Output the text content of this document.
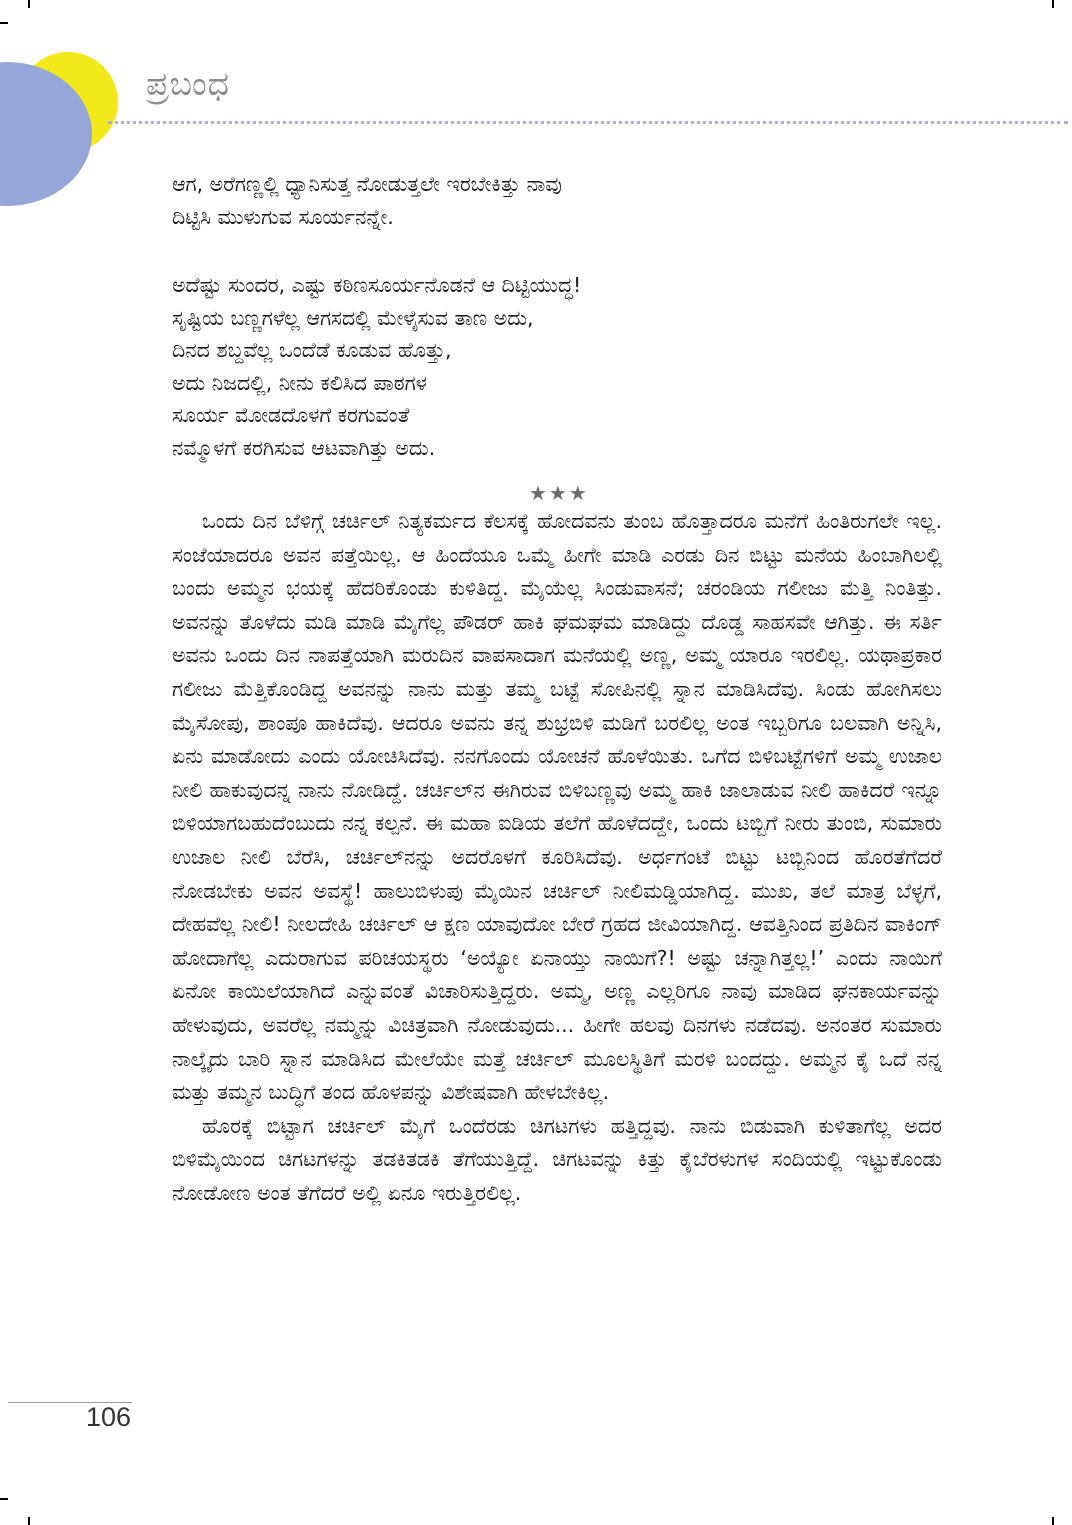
ಪ್ರಬಂಧ

ಆಗ, ಅರೆಗಣ್ಣಲ್ಲಿ ಧ್ಯಾನಿಸುತ್ತ ನೋಡುತ್ತಲೇ ಇರಬೇಕಿತ್ತು ನಾವು

ದಿಟ್ಟಿಸಿ ಮುಳುಗುವ ಸೂರ್ಯನನ್ನೇ.

ಅದೆಷ್ಟು ಸುಂದರ, ಎಷ್ಟು ಕಠಿಣಸೂರ್ಯನೊಡನೆ ಆ ದಿಟ್ಟಿಯುದ್ಧ!

ಸೃಷ್ಟಿಯ ಬಣ್ಣಗಳೆಲ್ಲ ಆಗಸದಲ್ಲಿ ಮೇಳೈಸುವ ತಾಣ ಅದು,

ದಿನದ ಶಬ್ದವೆಲ್ಲ ಒಂದೆಡೆ ಕೂಡುವ ಹೊತ್ತು,

ಅದು ನಿಜದಲ್ಲಿ, ನೀನು ಕಲಿಸಿದ ಪಾಠಗಳ

ಸೂರ್ಯ ಮೋಡದೊಳಗೆ ಕರಗುವಂತೆ

ನಮ್ಮೊಳಗೆ ಕರಗಿಸುವ ಆಟವಾಗಿತ್ತು ಅದು.

★★★

ಒಂದು ದಿನ ಬೆಳಿಗ್ಗೆ ಚರ್ಚಿಲ್ ನಿತ್ಯಕರ್ಮದ ಕೆಲಸಕ್ಕೆ ಹೋದವನು ತುಂಬ ಹೊತ್ತಾದರೂ ಮನೆಗೆ ಹಿಂತಿರುಗಲೇ ಇಲ್ಲ. ಸಂಜೆಯಾದರೂ ಅವನ ಪತ್ತೆಯಿಲ್ಲ. ಆ ಹಿಂದೆಯೂ ಒಮ್ಮೆ ಹೀಗೇ ಮಾಡಿ ಎರಡು ದಿನ ಬಿಟ್ಟು ಮನೆಯ ಹಿಂಬಾಗಿಲಲ್ಲಿ ಬಂದು ಅಮ್ಮನ ಭಯಕ್ಕೆ ಹೆದರಿಕೊಂಡು ಕುಳಿತಿದ್ದ. ಮೈಯೆಲ್ಲ ಸಿಂಡುವಾಸನೆ; ಚರಂಡಿಯ ಗಲೀಜು ಮೆತ್ತಿ ನಿಂತಿತ್ತು. ಅವನನ್ನು ತೊಳೆದು ಮಡಿ ಮಾಡಿ ಮೈಗೆಲ್ಲ ಪೌಡರ್ ಹಾಕಿ ಘಮಘಮ ಮಾಡಿದ್ದು ದೊಡ್ಡ ಸಾಹಸವೇ ಆಗಿತ್ತು. ಈ ಸರ್ತಿ ಅವನು ಒಂದು ದಿನ ನಾಪತ್ತೆಯಾಗಿ ಮರುದಿನ ವಾಪಸಾದಾಗ ಮನೆಯಲ್ಲಿ ಅಣ್ಣ, ಅಮ್ಮ ಯಾರೂ ಇರಲಿಲ್ಲ. ಯಥಾಪ್ರಕಾರ ಗಲೀಜು ಮೆತ್ತಿಕೊಂಡಿದ್ದ ಅವನನ್ನು ನಾನು ಮತ್ತು ತಮ್ಮ ಬಟ್ಟೆ ಸೋಪಿನಲ್ಲಿ ಸ್ನಾನ ಮಾಡಿಸಿದೆವು. ಸಿಂಡು ಹೋಗಿಸಲು ಮೈಸೋಪು, ಶಾಂಪೂ ಹಾಕಿದೆವು. ಆದರೂ ಅವನು ತನ್ನ ಶುಭ್ರಬಿಳಿ ಮಡಿಗೆ ಬರಲಿಲ್ಲ ಅಂತ ಇಬ್ಬರಿಗೂ ಬಲವಾಗಿ ಅನ್ನಿಸಿ, ಏನು ಮಾಡೋದು ಎಂದು ಯೋಚಿಸಿದೆವು. ನನಗೊಂದು ಯೋಚನೆ ಹೊಳೆಯಿತು. ಒಗೆದ ಬಿಳಿಬಟ್ಟೆಗಳಿಗೆ ಅಮ್ಮ ಉಜಾಲ ನೀಲಿ ಹಾಕುವುದನ್ನ ನಾನು ನೋಡಿದ್ದೆ. ಚರ್ಚಿಲ್‌ನ ಈಗಿರುವ ಬಿಳಿಬಣ್ಣವು ಅಮ್ಮ ಹಾಕಿ ಜಾಲಾಡುವ ನೀಲಿ ಹಾಕಿದರೆ ಇನ್ನೂ ಬಿಳಿಯಾಗಬಹುದೆಂಬುದು ನನ್ನ ಕಲ್ಪನೆ. ಈ ಮಹಾ ಐಡಿಯ ತಲೆಗೆ ಹೊಳೆದದ್ದೇ, ಒಂದು ಟಬ್ಬಿಗೆ ನೀರು ತುಂಬಿ, ಸುಮಾರು ಉಜಾಲ ನೀಲಿ ಬೆರೆಸಿ, ಚರ್ಚಿಲ್‌ನನ್ನು ಅದರೊಳಗೆ ಕೂರಿಸಿದೆವು. ಅರ್ಧಗಂಟೆ ಬಿಟ್ಟು ಟಬ್ಬಿನಿಂದ ಹೊರತೆಗೆದರೆ ನೋಡಬೇಕು ಅವನ ಅವಸ್ಥೆ! ಹಾಲುಬಿಳುಪು ಮೈಯಿನ ಚರ್ಚಿಲ್ ನೀಲಿಮಡ್ಡಿಯಾಗಿದ್ದ. ಮುಖ, ತಲೆ ಮಾತ್ರ ಬೆಳ್ಳಗೆ, ದೇಹವೆಲ್ಲ ನೀಲಿ! ನೀಲದೇಹಿ ಚರ್ಚಿಲ್ ಆ ಕ್ಷಣ ಯಾವುದೋ ಬೇರೆ ಗ್ರಹದ ಜೀವಿಯಾಗಿದ್ದ. ಆವತ್ತಿನಿಂದ ಪ್ರತಿದಿನ ವಾಕಿಂಗ್ ಹೋದಾಗೆಲ್ಲ ಎದುರಾಗುವ ಪರಿಚಯಸ್ಥರು ‘ಅಯ್ಯೋ ಏನಾಯ್ತು ನಾಯಿಗೆ?! ಅಷ್ಟು ಚನ್ನಾಗಿತ್ತಲ್ಲ!’ ಎಂದು ನಾಯಿಗೆ ಏನೋ ಕಾಯಿಲೆಯಾಗಿದೆ ಎನ್ನುವಂತೆ ವಿಚಾರಿಸುತ್ತಿದ್ದರು. ಅಮ್ಮ, ಅಣ್ಣ ಎಲ್ಲರಿಗೂ ನಾವು ಮಾಡಿದ ಘನಕಾರ್ಯವನ್ನು ಹೇಳುವುದು, ಅವರೆಲ್ಲ ನಮ್ಮನ್ನು ವಿಚಿತ್ರವಾಗಿ ನೋಡುವುದು... ಹೀಗೇ ಹಲವು ದಿನಗಳು ನಡೆದವು. ಅನಂತರ ಸುಮಾರು ನಾಲ್ಕೈದು ಬಾರಿ ಸ್ನಾನ ಮಾಡಿಸಿದ ಮೇಲೆಯೇ ಮತ್ತೆ ಚರ್ಚಿಲ್ ಮೂಲಸ್ಥಿತಿಗೆ ಮರಳಿ ಬಂದದ್ದು. ಅಮ್ಮನ ಕೈ ಒದೆ ನನ್ನ ಮತ್ತು ತಮ್ಮನ ಬುದ್ಧಿಗೆ ತಂದ ಹೊಳಪನ್ನು ವಿಶೇಷವಾಗಿ ಹೇಳಬೇಕಿಲ್ಲ.

ಹೊರಕ್ಕೆ ಬಿಟ್ಟಾಗ ಚರ್ಚಿಲ್ ಮೈಗೆ ಒಂದೆರಡು ಚಿಗಟಗಳು ಹತ್ತಿದ್ದವು. ನಾನು ಬಿಡುವಾಗಿ ಕುಳಿತಾಗೆಲ್ಲ ಅದರ ಬಿಳಿಮೈಯಿಂದ ಚಿಗಟಗಳನ್ನು ತಡಕಿತಡಕಿ ತೆಗೆಯುತ್ತಿದ್ದೆ. ಚಿಗಟವನ್ನು ಕಿತ್ತು ಕೈಬೆರಳುಗಳ ಸಂದಿಯಲ್ಲಿ ಇಟ್ಟುಕೊಂಡು ನೋಡೋಣ ಅಂತ ತೆಗೆದರೆ ಅಲ್ಲಿ ಏನೂ ಇರುತ್ತಿರಲಿಲ್ಲ.

106
